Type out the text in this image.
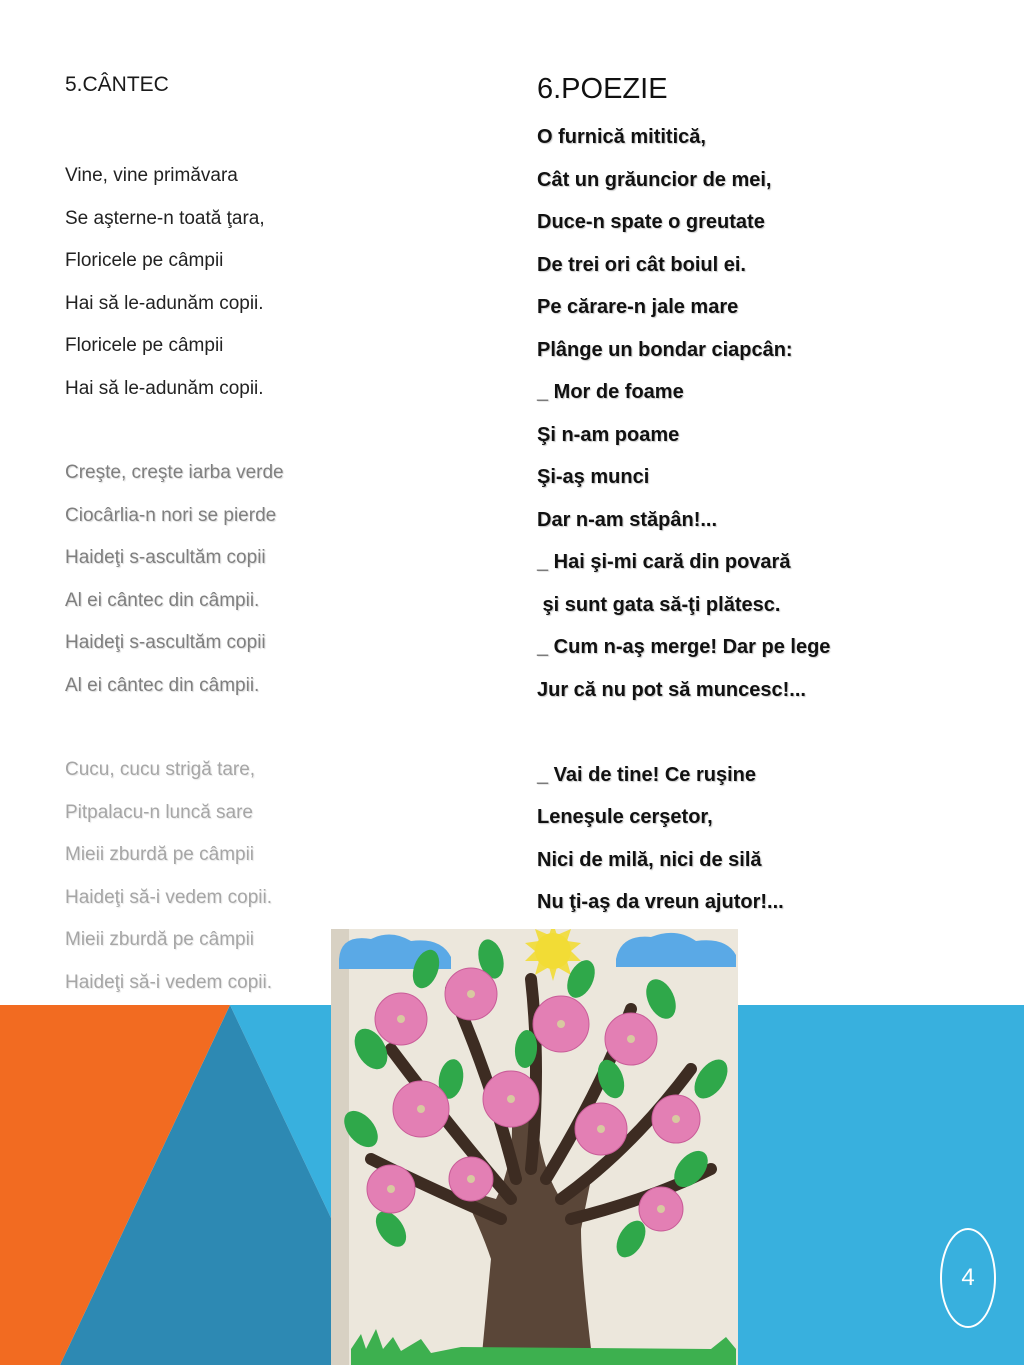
5.CÂNTEC
Vine, vine primăvara
Se aşterne-n toată ţara,
Floricele pe câmpii
Hai să le-adunăm copii.
Floricele pe câmpii
Hai să le-adunăm copii.
Creşte, creşte iarba verde
Ciocârlia-n nori se pierde
Haideţi s-ascultăm copii
Al ei cântec din câmpii.
Haideţi s-ascultăm copii
Al ei cântec din câmpii.
Cucu, cucu strigă tare,
Pitpalacu-n luncă sare
Mieii zburdă pe câmpii
Haideţi să-i vedem copii.
Mieii zburdă pe câmpii
Haideţi să-i vedem copii.
6.POEZIE
O furnică mititică,
Cât un grăuncior de mei,
Duce-n spate o greutate
De trei ori cât boiul ei.
Pe cărare-n jale mare
Plânge un bondar ciapcân:
_ Mor de foame
Şi n-am poame
Şi-aş munci
Dar n-am stăpân!...
_ Hai şi-mi cară din povară
şi sunt gata să-ţi plătesc.
_ Cum n-aş merge! Dar pe lege
Jur că nu pot să muncesc!...
_ Vai de tine! Ce ruşine
Leneşule cerşetor,
Nici de milă, nici de silă
Nu ţi-aş da vreun ajutor!...
4
